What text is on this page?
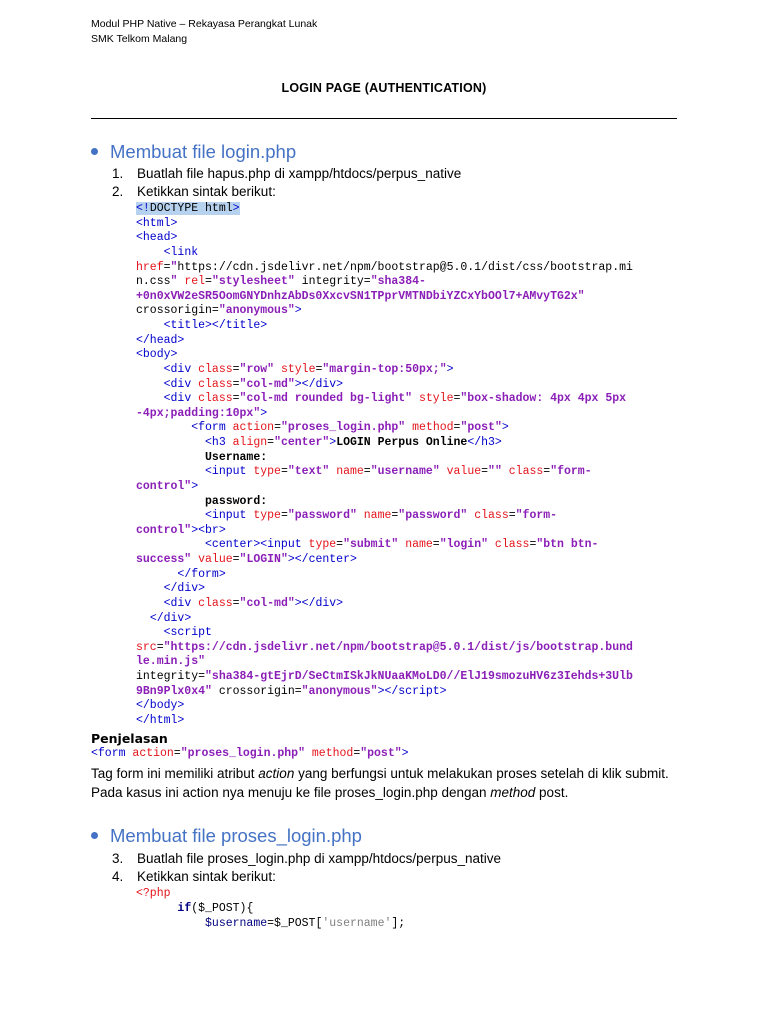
Modul PHP Native – Rekayasa Perangkat Lunak
SMK Telkom Malang
LOGIN PAGE (AUTHENTICATION)
Membuat file login.php
1.	Buatlah file hapus.php di xampp/htdocs/perpus_native
2.	Ketikkan sintak berikut:
<!DOCTYPE html>
<html>
<head>
<link
href="https://cdn.jsdelivr.net/npm/bootstrap@5.0.1/dist/css/bootstrap.mi
n.css" rel="stylesheet" integrity="sha384-
+0n0xVW2eSR5OomGNYDnhzAbDs0XxcvSN1TPprVMTNDbiYZCxYbOOl7+AMvyTG2x"
crossorigin="anonymous">
<title></title>
</head>
<body>
<div class="row" style="margin-top:50px;">
<div class="col-md"></div>
<div class="col-md rounded bg-light" style="box-shadow: 4px 4px 5px
-4px;padding:10px">
<form action="proses_login.php" method="post">
<h3 align="center">LOGIN Perpus Online</h3>
Username:
<input type="text" name="username" value="" class="form-
control">
password:
<input type="password" name="password" class="form-
control"><br>
<center><input type="submit" name="login" class="btn btn-
success" value="LOGIN"></center>
</form>
</div>
<div class="col-md"></div>
</div>
<script
src="https://cdn.jsdelivr.net/npm/bootstrap@5.0.1/dist/js/bootstrap.bund
le.min.js"
integrity="sha384-gtEjrD/SeCtmISkJkNUaaKMoLD0//ElJ19smozuHV6z3Iehds+3Ulb
9Bn9Plx0x4" crossorigin="anonymous"></script>
</body>
</html>
Penjelasan
<form action="proses_login.php" method="post">
Tag form ini memiliki atribut action yang berfungsi untuk melakukan proses setelah di klik submit. Pada kasus ini action nya menuju ke file proses_login.php dengan method post.
Membuat file proses_login.php
3.	Buatlah file proses_login.php di xampp/htdocs/perpus_native
4.	Ketikkan sintak berikut:
<?php
if($_POST){
$username=$_POST['username'];
